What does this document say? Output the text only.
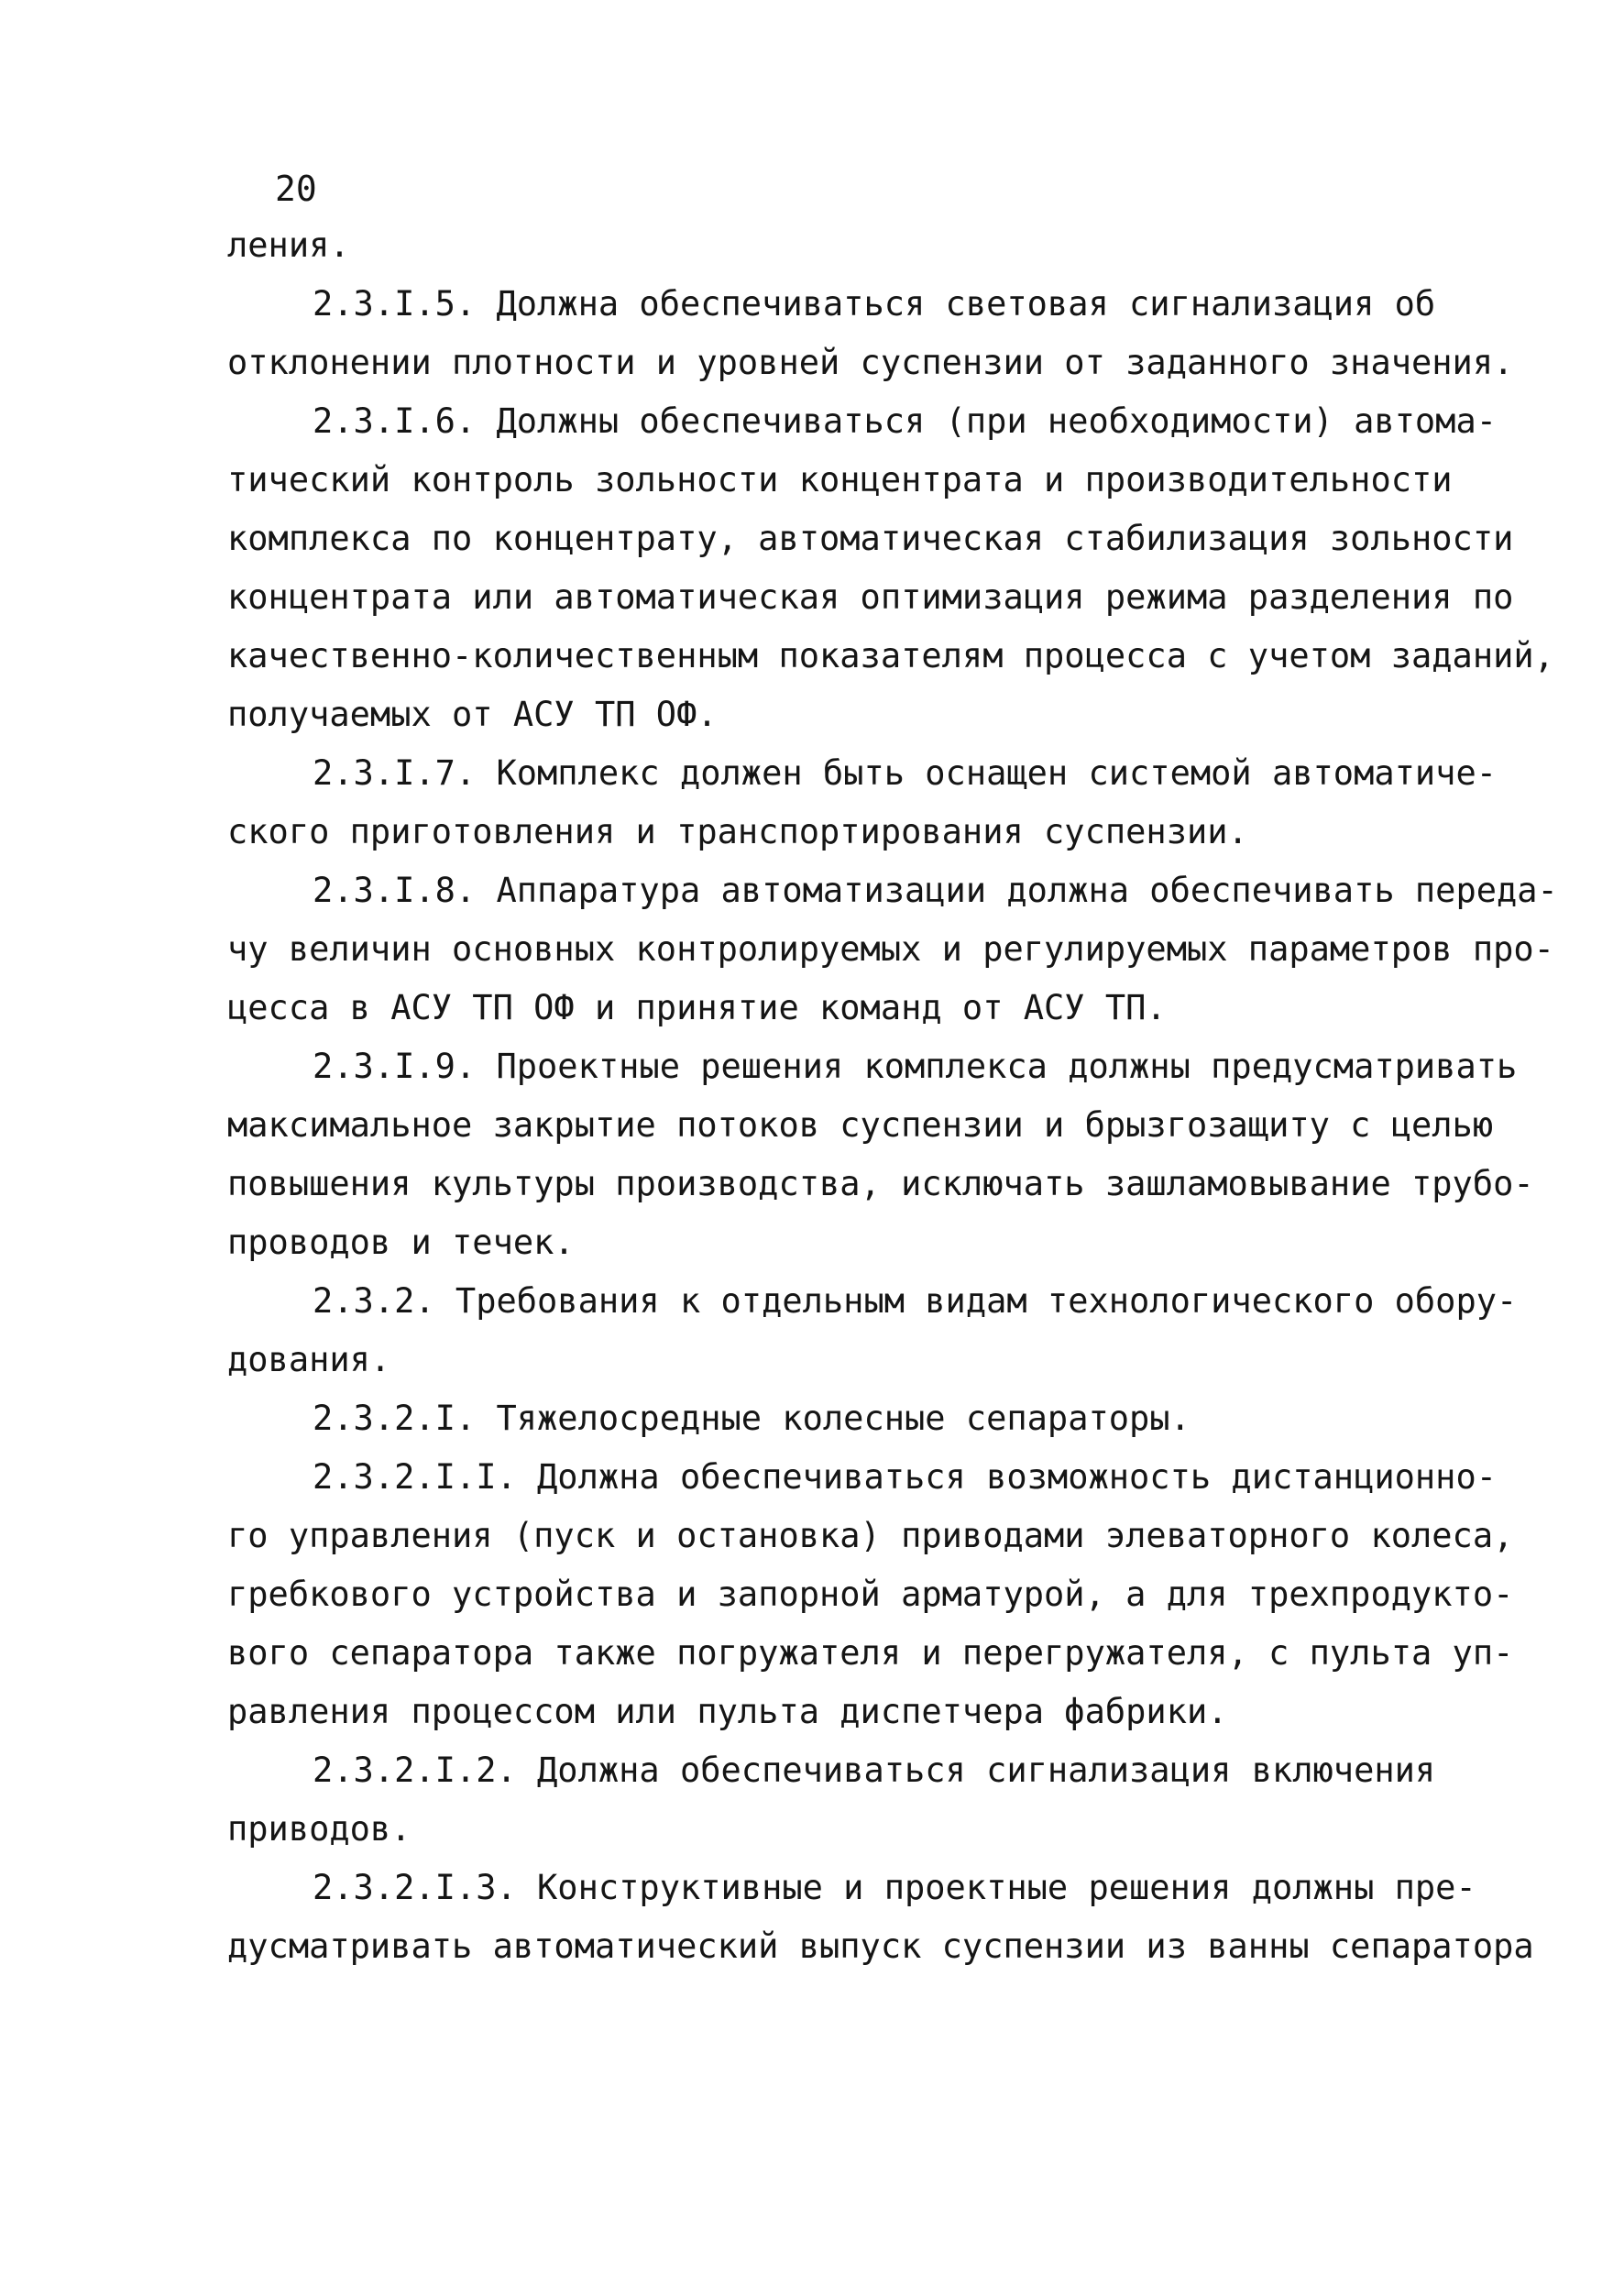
20
ления.
2.3.I.5. Должна обеспечиваться световая сигнализация об
отклонении плотности и уровней суспензии от заданного значения.
2.3.I.6. Должны обеспечиваться (при необходимости) автома-
тический контроль зольности концентрата и производительности
комплекса по концентрату, автоматическая стабилизация зольности
концентрата или автоматическая оптимизация режима разделения по
качественно-количественным показателям процесса с учетом заданий,
получаемых от АСУ ТП ОФ.
2.3.I.7. Комплекс должен быть оснащен системой автоматиче-
ского приготовления и транспортирования суспензии.
2.3.I.8. Аппаратура автоматизации должна обеспечивать переда-
чу величин основных контролируемых и регулируемых параметров про-
цесса в АСУ ТП ОФ и принятие команд от АСУ ТП.
2.3.I.9. Проектные решения комплекса должны предусматривать
максимальное закрытие потоков суспензии и брызгозащиту с целью
повышения культуры производства, исключать зашламовывание трубо-
проводов и течек.
2.3.2. Требования к отдельным видам технологического обору-
дования.
2.3.2.I. Тяжелосредные колесные сепараторы.
2.3.2.I.I. Должна обеспечиваться возможность дистанционно-
го управления (пуск и остановка) приводами элеваторного колеса,
гребкового устройства и запорной арматурой, а для трехпродукто-
вого сепаратора также погружателя и перегружателя, с пульта уп-
равления процессом или пульта диспетчера фабрики.
2.3.2.I.2. Должна обеспечиваться сигнализация включения
приводов.
2.3.2.I.3. Конструктивные и проектные решения должны пре-
дусматривать автоматический выпуск суспензии из ванны сепаратора
